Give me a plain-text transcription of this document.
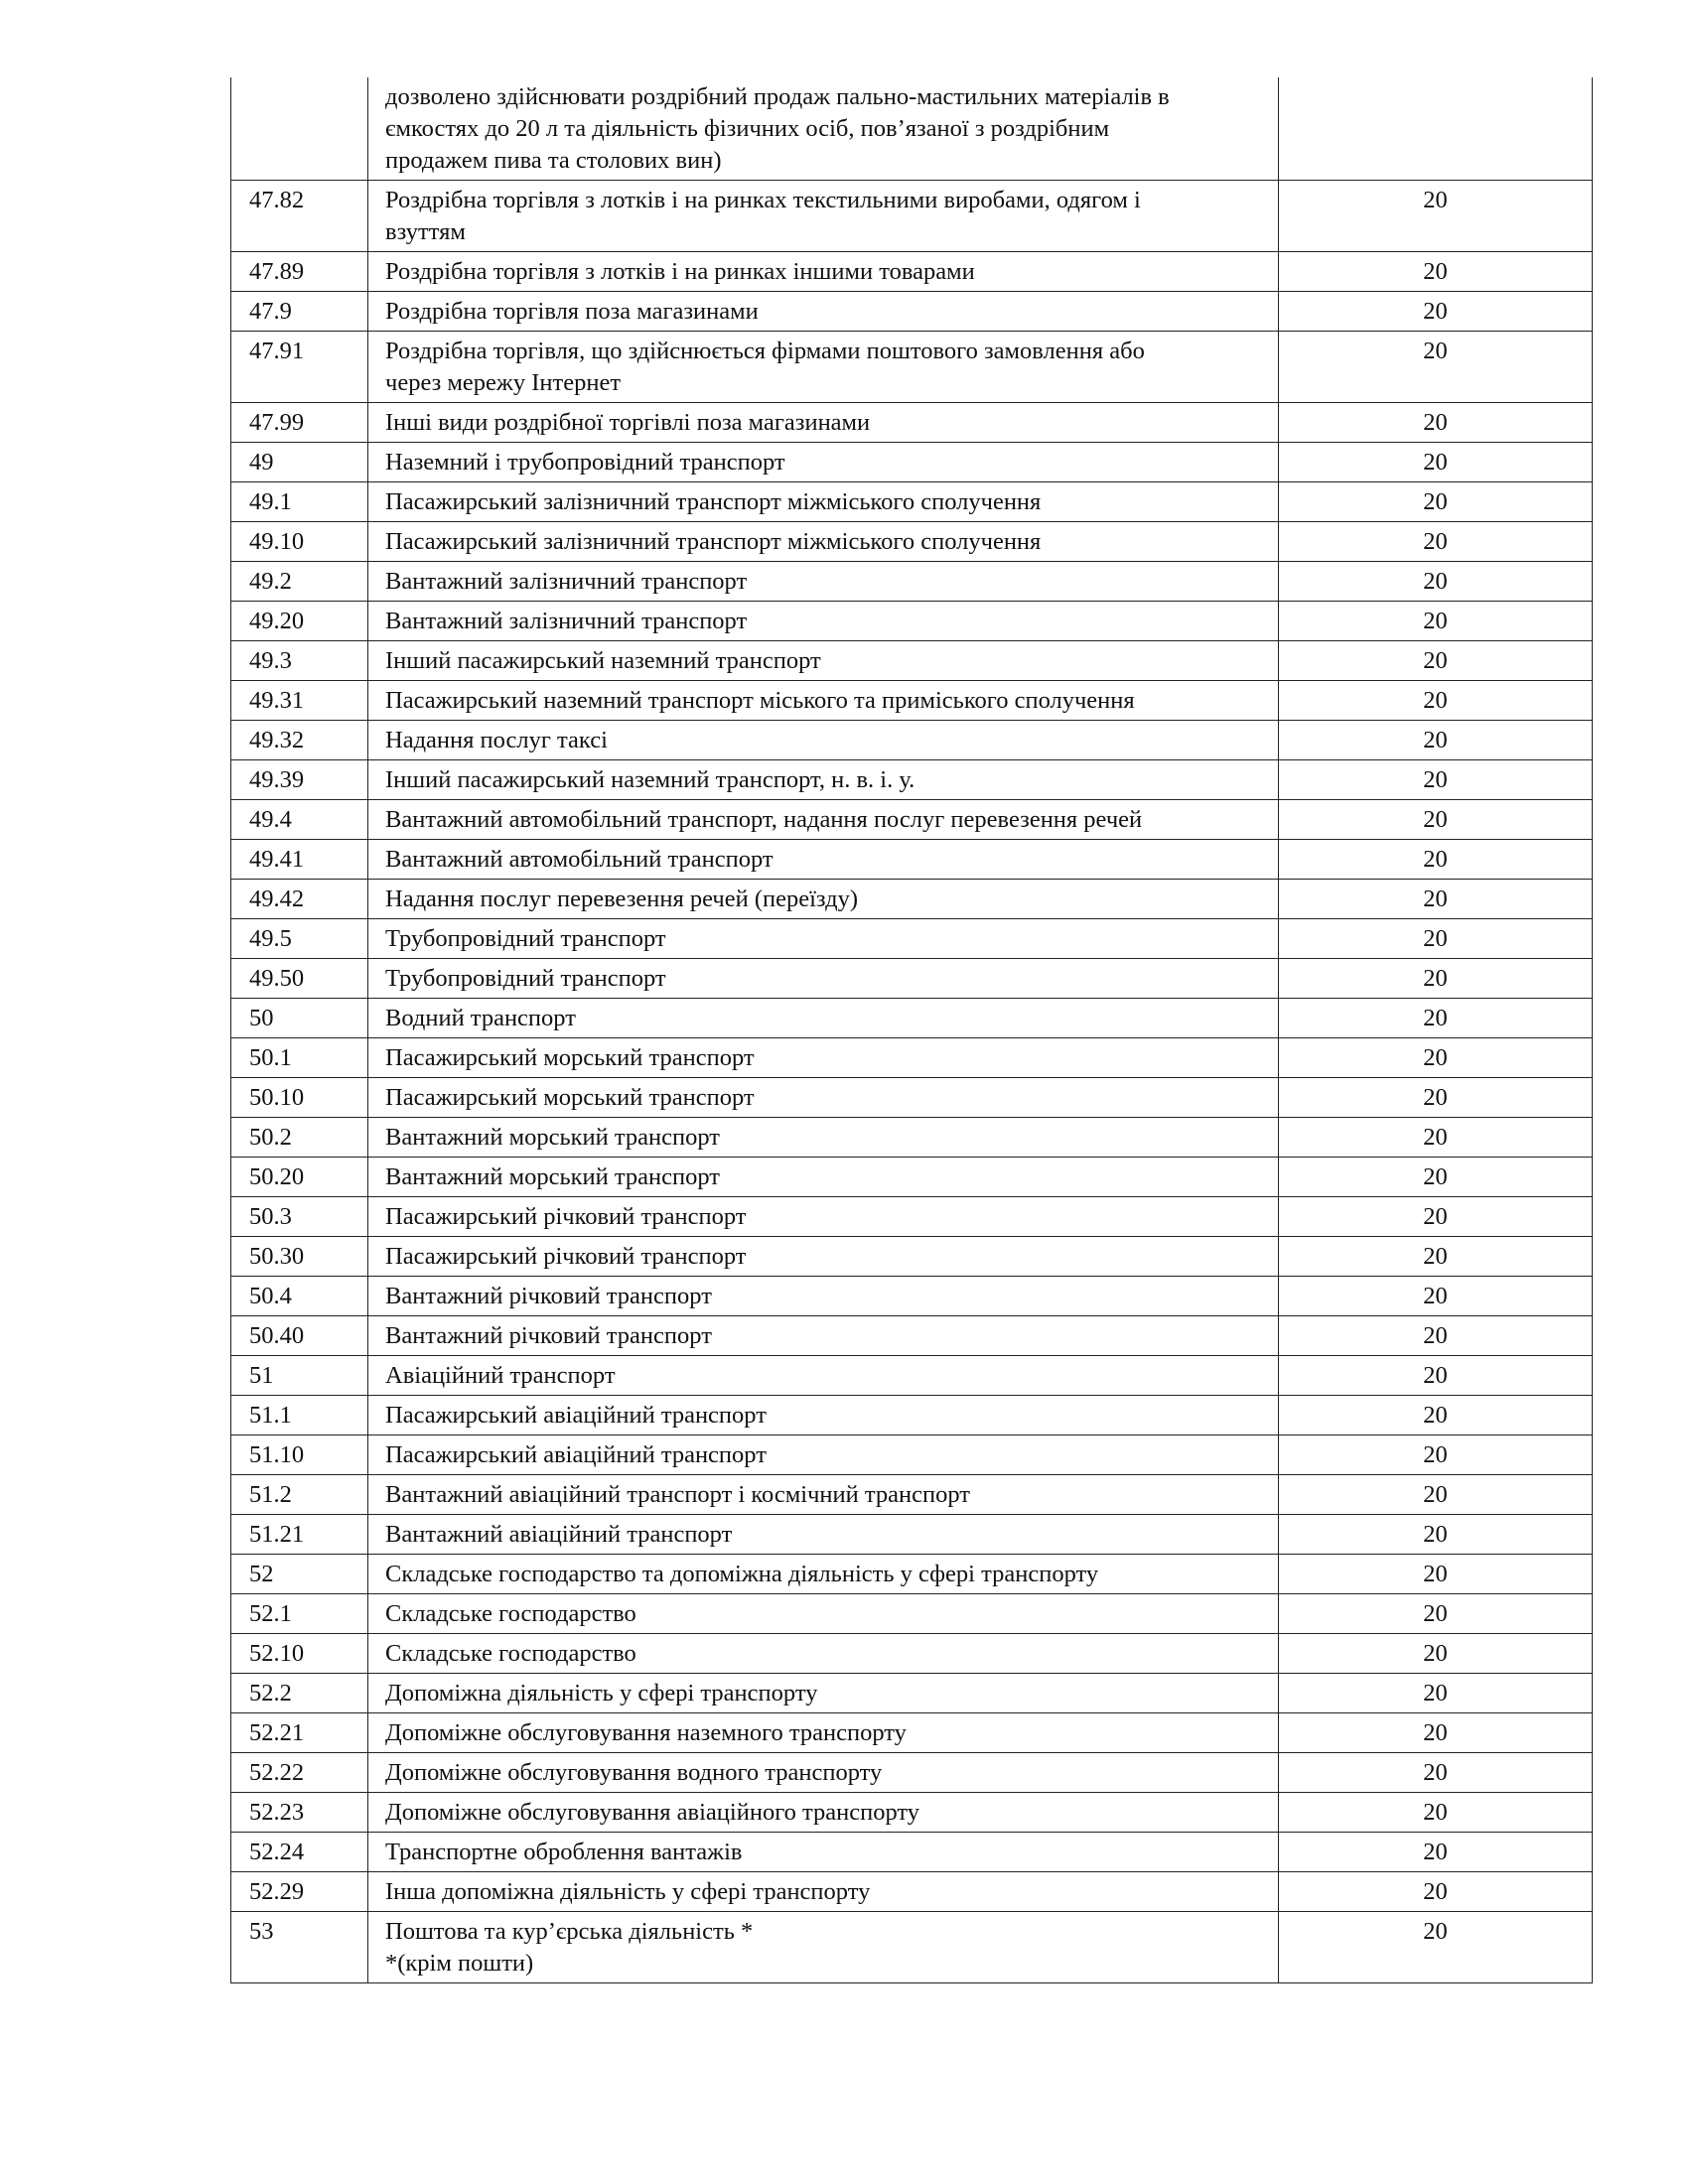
	дозволено здійснювати роздрібний продаж пально-мастильних матеріалів в
ємкостях до 20 л та діяльність фізичних осіб, пов’язаної з роздрібним
продажем пива та столових вин)	
47.82	Роздрібна торгівля з лотків і на ринках текстильними виробами, одягом і
взуттям	20
47.89	Роздрібна торгівля з лотків і на ринках іншими товарами	20
47.9	Роздрібна торгівля поза магазинами	20
47.91	Роздрібна торгівля, що здійснюється фірмами поштового замовлення або
через мережу Інтернет	20
47.99	Інші види роздрібної торгівлі поза магазинами	20
49	Наземний і трубопровідний транспорт	20
49.1	Пасажирський залізничний транспорт міжміського сполучення	20
49.10	Пасажирський залізничний транспорт міжміського сполучення	20
49.2	Вантажний залізничний транспорт	20
49.20	Вантажний залізничний транспорт	20
49.3	Інший пасажирський наземний транспорт	20
49.31	Пасажирський наземний транспорт міського та приміського сполучення	20
49.32	Надання послуг таксі	20
49.39	Інший пасажирський наземний транспорт, н. в. і. у.	20
49.4	Вантажний автомобільний транспорт, надання послуг перевезення речей	20
49.41	Вантажний автомобільний транспорт	20
49.42	Надання послуг перевезення речей (переїзду)	20
49.5	Трубопровідний транспорт	20
49.50	Трубопровідний транспорт	20
50	Водний транспорт	20
50.1	Пасажирський морський транспорт	20
50.10	Пасажирський морський транспорт	20
50.2	Вантажний морський транспорт	20
50.20	Вантажний морський транспорт	20
50.3	Пасажирський річковий транспорт	20
50.30	Пасажирський річковий транспорт	20
50.4	Вантажний річковий транспорт	20
50.40	Вантажний річковий транспорт	20
51	Авіаційний транспорт	20
51.1	Пасажирський авіаційний транспорт	20
51.10	Пасажирський авіаційний транспорт	20
51.2	Вантажний авіаційний транспорт і космічний транспорт	20
51.21	Вантажний авіаційний транспорт	20
52	Складське господарство та допоміжна діяльність у сфері транспорту	20
52.1	Складське господарство	20
52.10	Складське господарство	20
52.2	Допоміжна діяльність у сфері транспорту	20
52.21	Допоміжне обслуговування наземного транспорту	20
52.22	Допоміжне обслуговування водного транспорту	20
52.23	Допоміжне обслуговування авіаційного транспорту	20
52.24	Транспортне оброблення вантажів	20
52.29	Інша допоміжна діяльність у сфері транспорту	20
53	Поштова та кур’єрська діяльність *
*(крім пошти)	20
